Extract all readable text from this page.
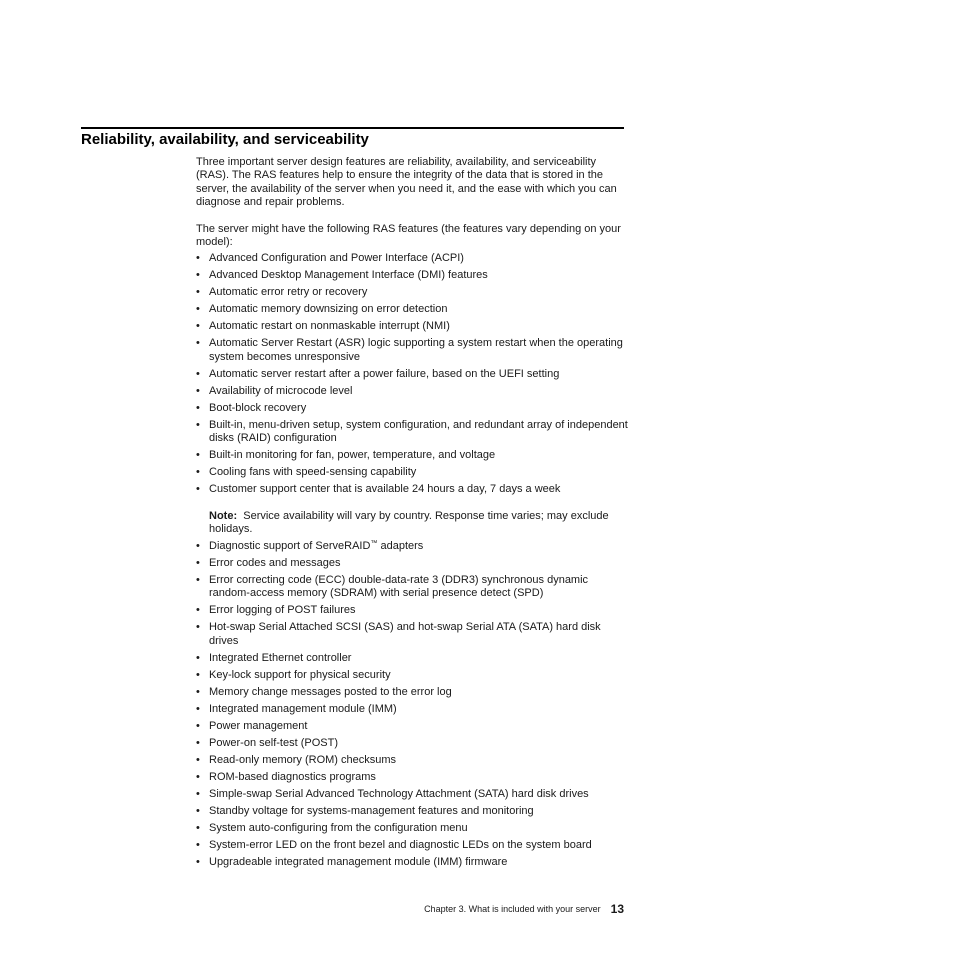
Reliability, availability, and serviceability

Three important server design features are reliability, availability, and serviceability (RAS). The RAS features help to ensure the integrity of the data that is stored in the server, the availability of the server when you need it, and the ease with which you can diagnose and repair problems.

The server might have the following RAS features (the features vary depending on your model):

• Advanced Configuration and Power Interface (ACPI)
• Advanced Desktop Management Interface (DMI) features
• Automatic error retry or recovery
• Automatic memory downsizing on error detection
• Automatic restart on nonmaskable interrupt (NMI)
• Automatic Server Restart (ASR) logic supporting a system restart when the operating system becomes unresponsive
• Automatic server restart after a power failure, based on the UEFI setting
• Availability of microcode level
• Boot-block recovery
• Built-in, menu-driven setup, system configuration, and redundant array of independent disks (RAID) configuration
• Built-in monitoring for fan, power, temperature, and voltage
• Cooling fans with speed-sensing capability
• Customer support center that is available 24 hours a day, 7 days a week

Note: Service availability will vary by country. Response time varies; may exclude holidays.

• Diagnostic support of ServeRAID™ adapters
• Error codes and messages
• Error correcting code (ECC) double-data-rate 3 (DDR3) synchronous dynamic random-access memory (SDRAM) with serial presence detect (SPD)
• Error logging of POST failures
• Hot-swap Serial Attached SCSI (SAS) and hot-swap Serial ATA (SATA) hard disk drives
• Integrated Ethernet controller
• Key-lock support for physical security
• Memory change messages posted to the error log
• Integrated management module (IMM)
• Power management
• Power-on self-test (POST)
• Read-only memory (ROM) checksums
• ROM-based diagnostics programs
• Simple-swap Serial Advanced Technology Attachment (SATA) hard disk drives
• Standby voltage for systems-management features and monitoring
• System auto-configuring from the configuration menu
• System-error LED on the front bezel and diagnostic LEDs on the system board
• Upgradeable integrated management module (IMM) firmware
Chapter 3. What is included with your server 13
